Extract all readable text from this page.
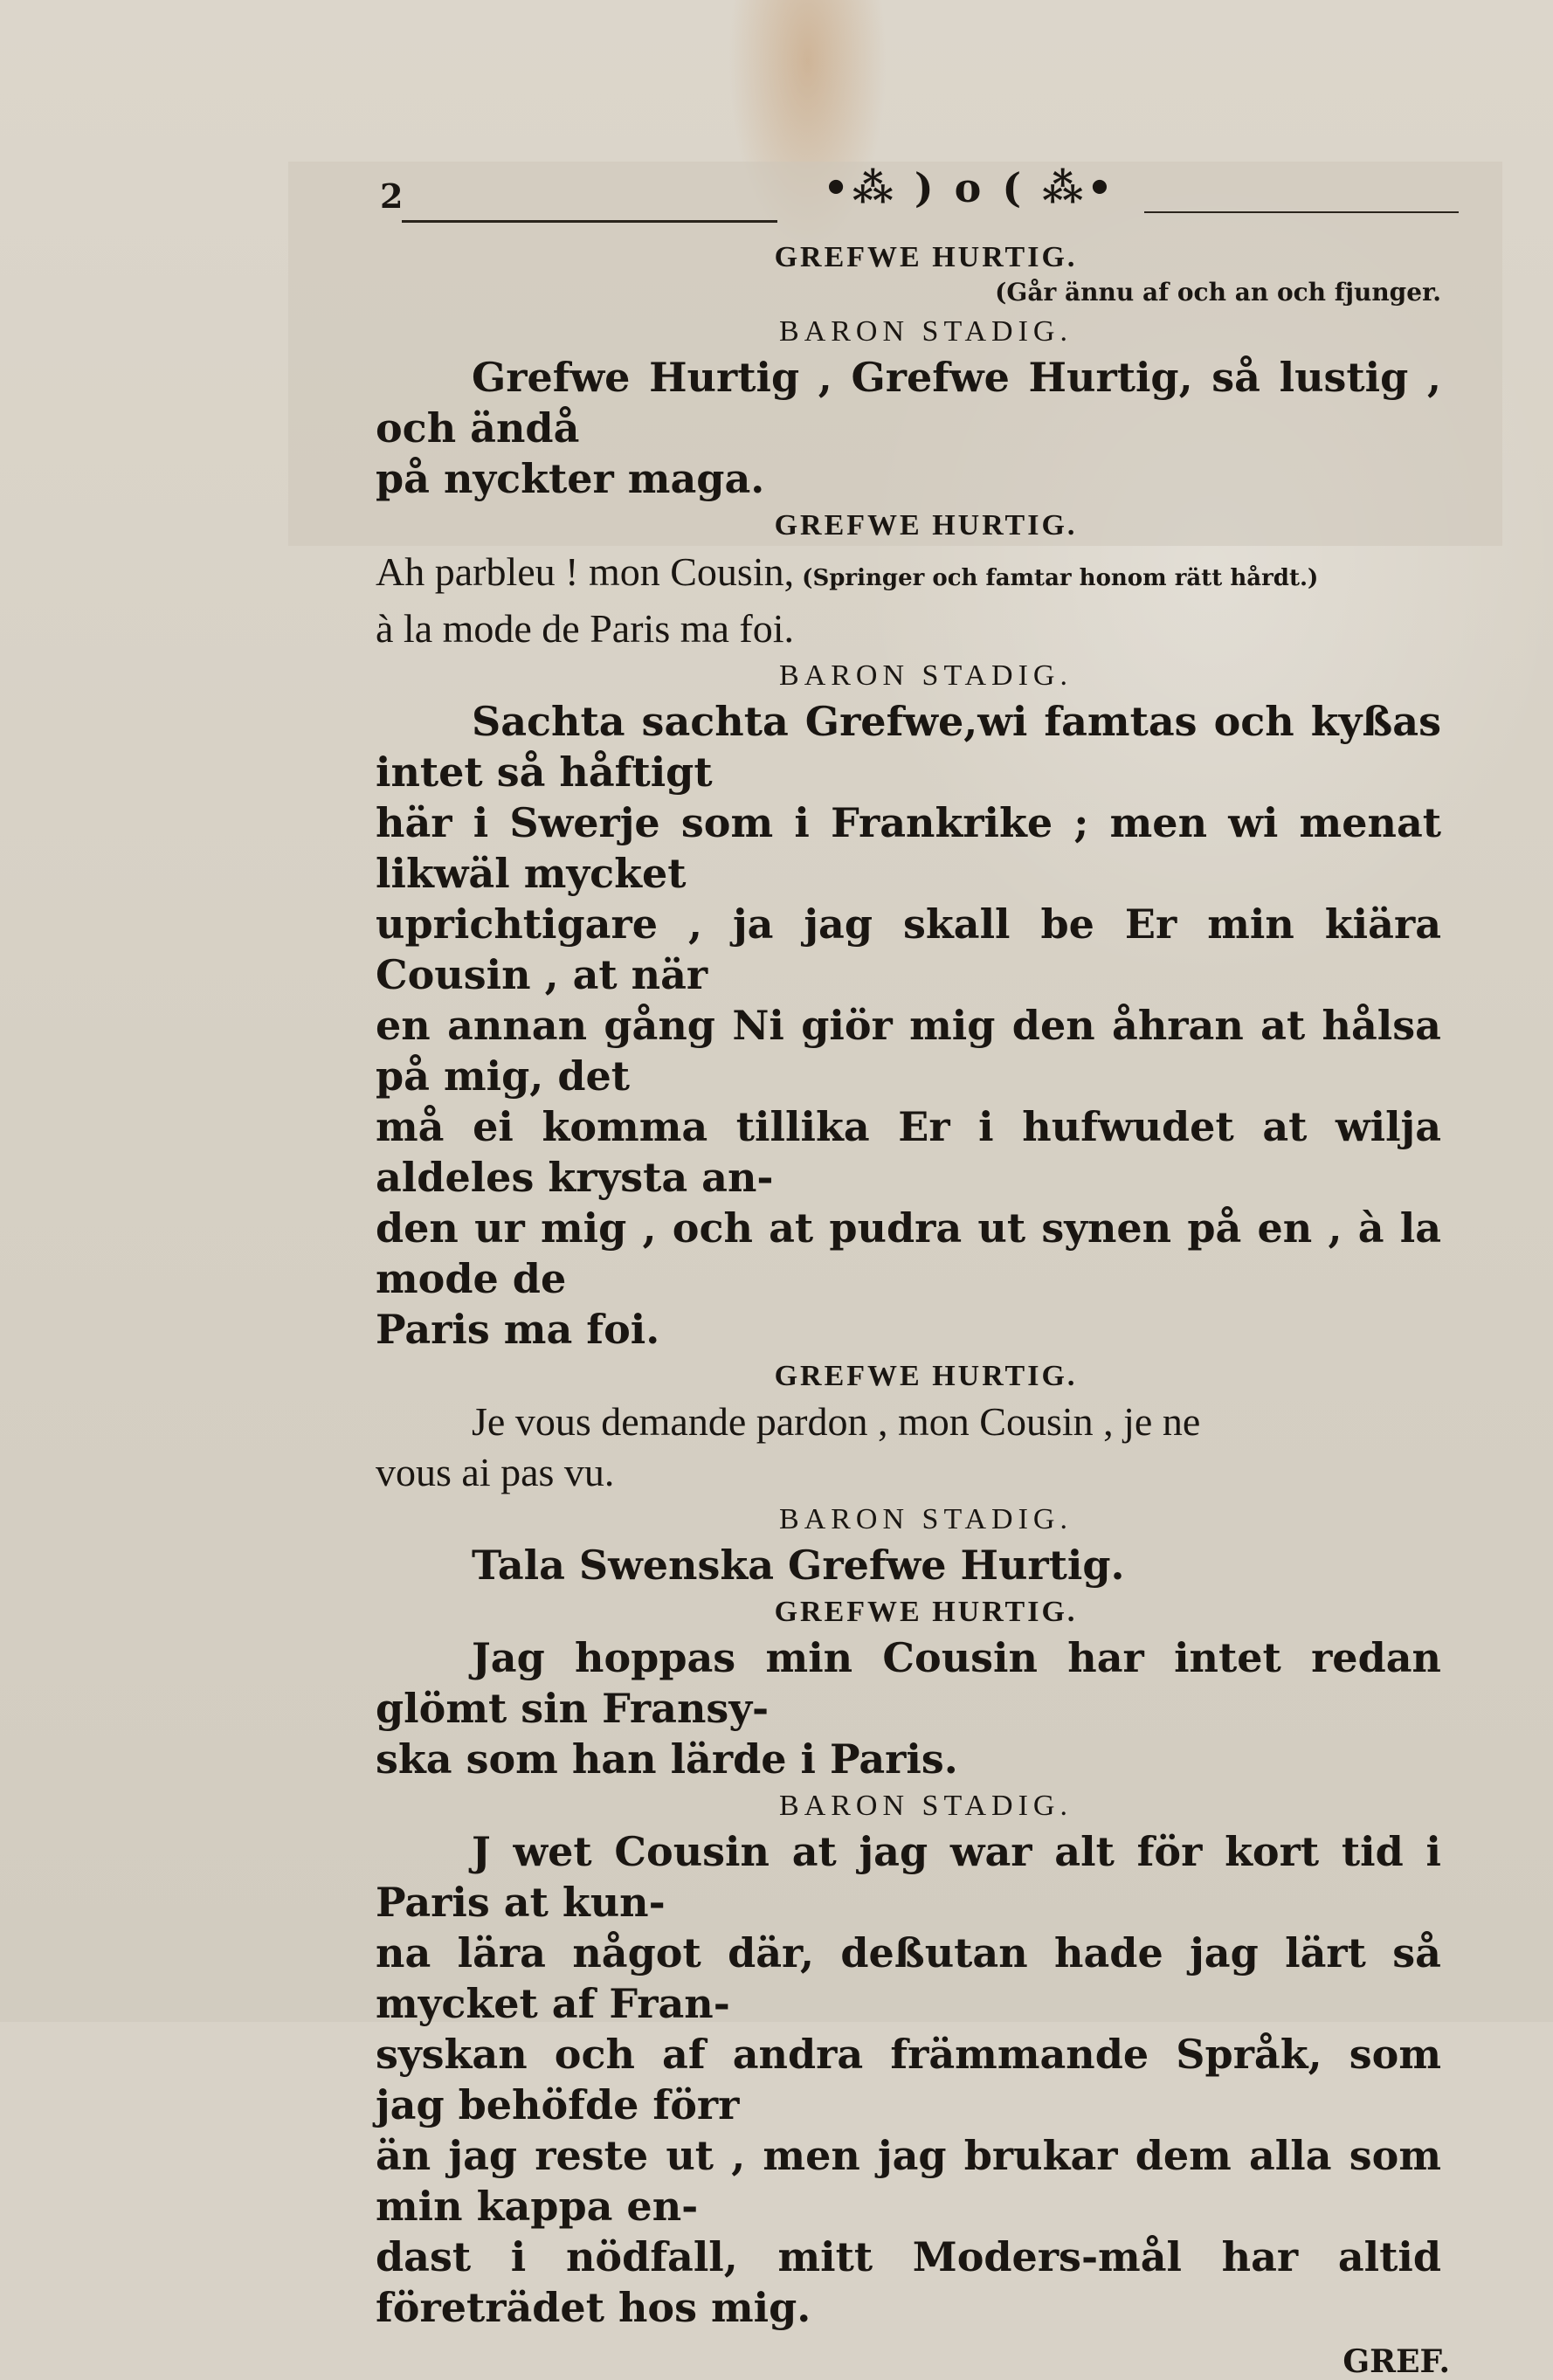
2	•⁂ ) o ( ⁂•
GREFWE HURTIG.
(Går ännu af och an och fjunger.
BARON STADIG.
Grefwe Hurtig , Grefwe Hurtig, så lustig , och ändå
på nyckter maga.
GREFWE HURTIG.
Ah parbleu ! mon Cousin, (Springer och famtar honom rätt hårdt.)
à la mode de Paris ma foi.
BARON STADIG.
Sachta sachta Grefwe,wi famtas och kyßas intet så håftigt
här i Swerje som i Frankrike ; men wi menat likwäl mycket
uprichtigare , ja jag skall be Er min kiära Cousin , at när
en annan gång Ni giör mig den åhran at hålsa på mig, det
må ei komma tillika Er i hufwudet at wilja aldeles krysta an-
den ur mig , och at pudra ut synen på en , à la mode de
Paris ma foi.
GREFWE HURTIG.
Je vous demande pardon , mon Cousin , je ne
vous ai pas vu.
BARON STADIG.
Tala Swenska Grefwe Hurtig.
GREFWE HURTIG.
Jag hoppas min Cousin har intet redan glömt sin Fransy-
ska som han lärde i Paris.
BARON STADIG.
J wet Cousin at jag war alt för kort tid i Paris at kun-
na lära något där, deßutan hade jag lärt så mycket af Fran-
syskan och af andra främmande Språk, som jag behöfde förr
än jag reste ut , men jag brukar dem alla som min kappa en-
dast i nödfall, mitt Moders-mål har altid företrädet hos mig.
GREF.
